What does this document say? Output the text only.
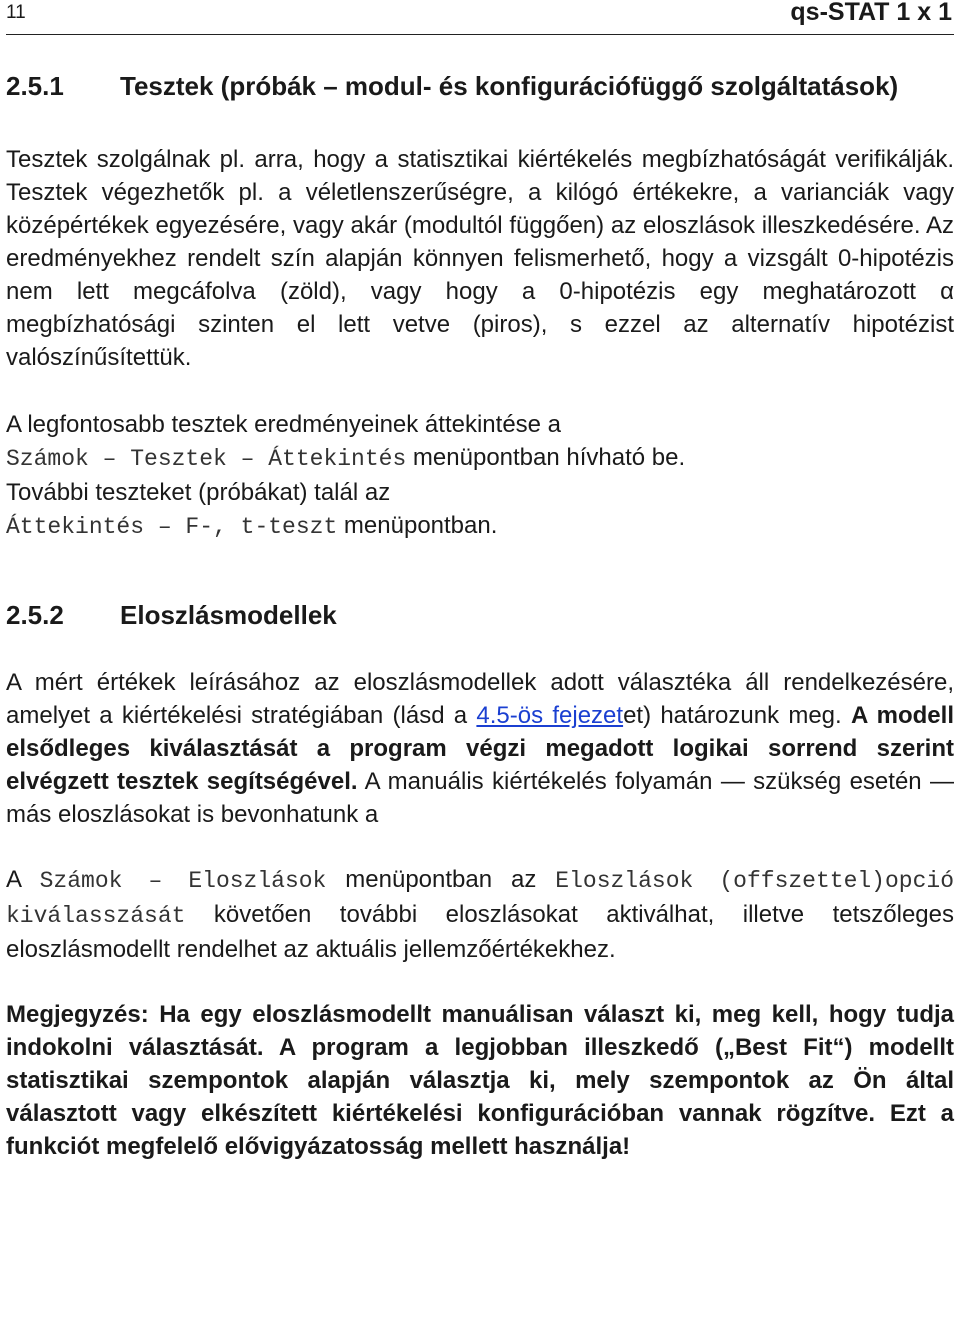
11	qs-STAT 1 x 1
2.5.1 Tesztek (próbák – modul- és konfigurációfüggő szolgáltatások)

Tesztek szolgálnak pl. arra, hogy a statisztikai kiértékelés megbízhatóságát verifikálják. Tesztek végezhetők pl. a véletlenszerűségre, a kilógó értékekre, a varianciák vagy középértékek egyezésére, vagy akár (modultól függően) az eloszlások illeszkedésére. Az eredményekhez rendelt szín alapján könnyen felismerhető, hogy a vizsgált 0-hipotézis nem lett megcáfolva (zöld), vagy hogy a 0-hipotézis egy meghatározott α megbízhatósági szinten el lett vetve (piros), s ezzel az alternatív hipotézist valószínűsítettük.

A legfontosabb tesztek eredményeinek áttekintése a
Számok – Tesztek – Áttekintés menüpontban hívható be.
További teszteket (próbákat) talál az
Áttekintés – F-, t-teszt menüpontban.

2.5.2 Eloszlásmodellek

A mért értékek leírásához az eloszlásmodellek adott választéka áll rendelkezésére, amelyet a kiértékelési stratégiában (lásd a 4.5-ös fejezetet) határozunk meg. A modell elsődleges kiválasztását a program végzi megadott logikai sorrend szerint elvégzett tesztek segítségével. A manuális kiértékelés folyamán — szükség esetén — más eloszlásokat is bevonhatunk a

A Számok – Eloszlások menüpontban az Eloszlások (offszettel)opció kiválasszását követően további eloszlásokat aktiválhat, illetve tetszőleges eloszlásmodellt rendelhet az aktuális jellemzőértékekhez.

Megjegyzés: Ha egy eloszlásmodellt manuálisan választ ki, meg kell, hogy tudja indokolni választását. A program a legjobban illeszkedő („Best Fit“) modellt statisztikai szempontok alapján választja ki, mely szempontok az Ön által választott vagy elkészített kiértékelési konfigurációban vannak rögzítve. Ezt a funkciót megfelelő elővigyázatosság mellett használja!
